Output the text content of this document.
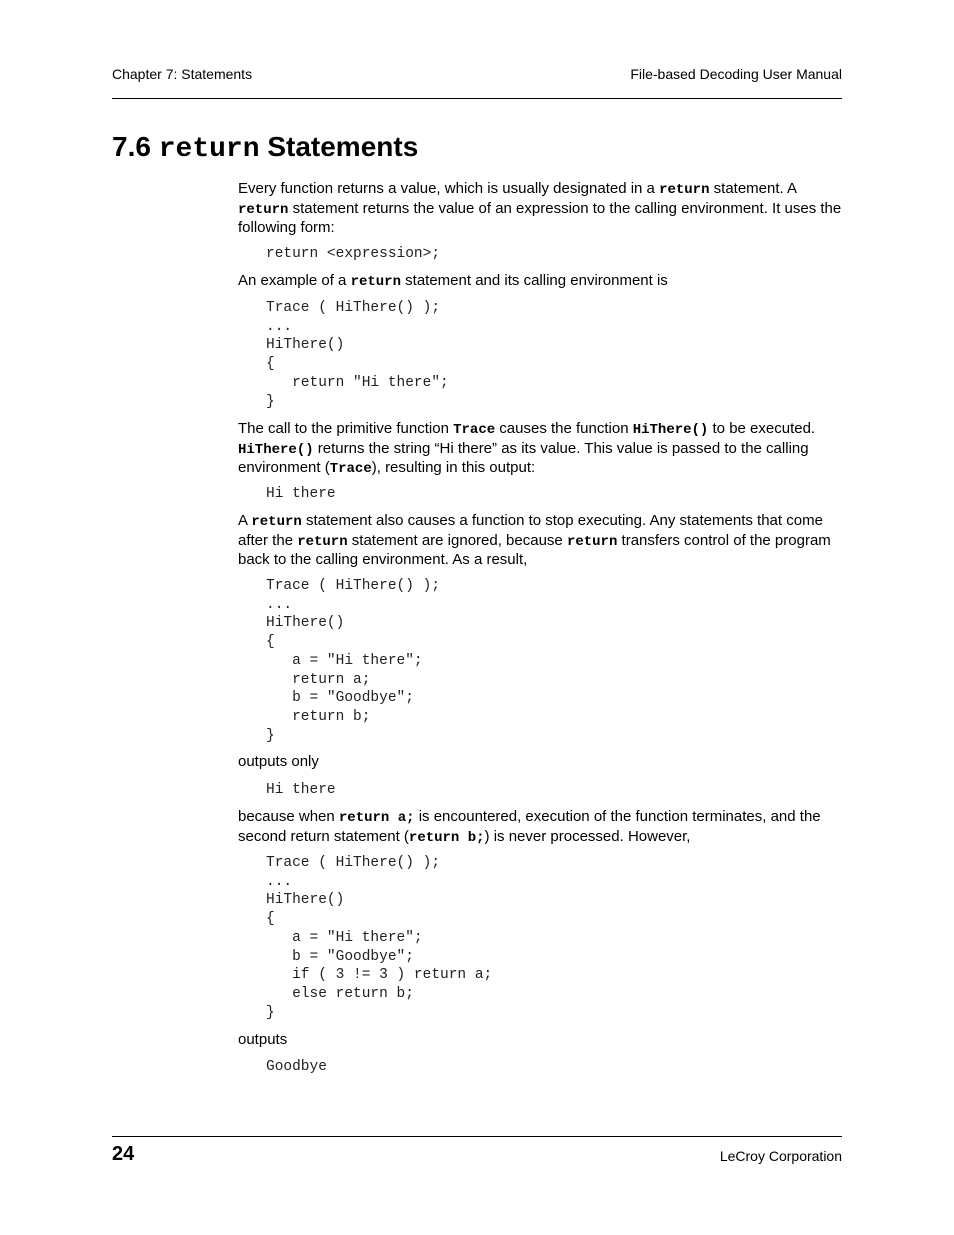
Chapter 7: Statements	File-based Decoding User Manual
7.6 return Statements
Every function returns a value, which is usually designated in a return statement. A return statement returns the value of an expression to the calling environment. It uses the following form:
return <expression>;
An example of a return statement and its calling environment is
Trace ( HiThere() );
...
HiThere()
{
return "Hi there";
}
The call to the primitive function Trace causes the function HiThere() to be executed. HiThere() returns the string “Hi there” as its value. This value is passed to the calling environment (Trace), resulting in this output:
Hi there
A return statement also causes a function to stop executing. Any statements that come after the return statement are ignored, because return transfers control of the program back to the calling environment. As a result,
Trace ( HiThere() );
...
HiThere()
{
a = "Hi there";
return a;
b = "Goodbye";
return b;
}
outputs only
Hi there
because when return a; is encountered, execution of the function terminates, and the second return statement (return b;) is never processed. However,
Trace ( HiThere() );
...
HiThere()
{
a = "Hi there";
b = "Goodbye";
if ( 3 != 3 ) return a;
else return b;
}
outputs
Goodbye
24	LeCroy Corporation
